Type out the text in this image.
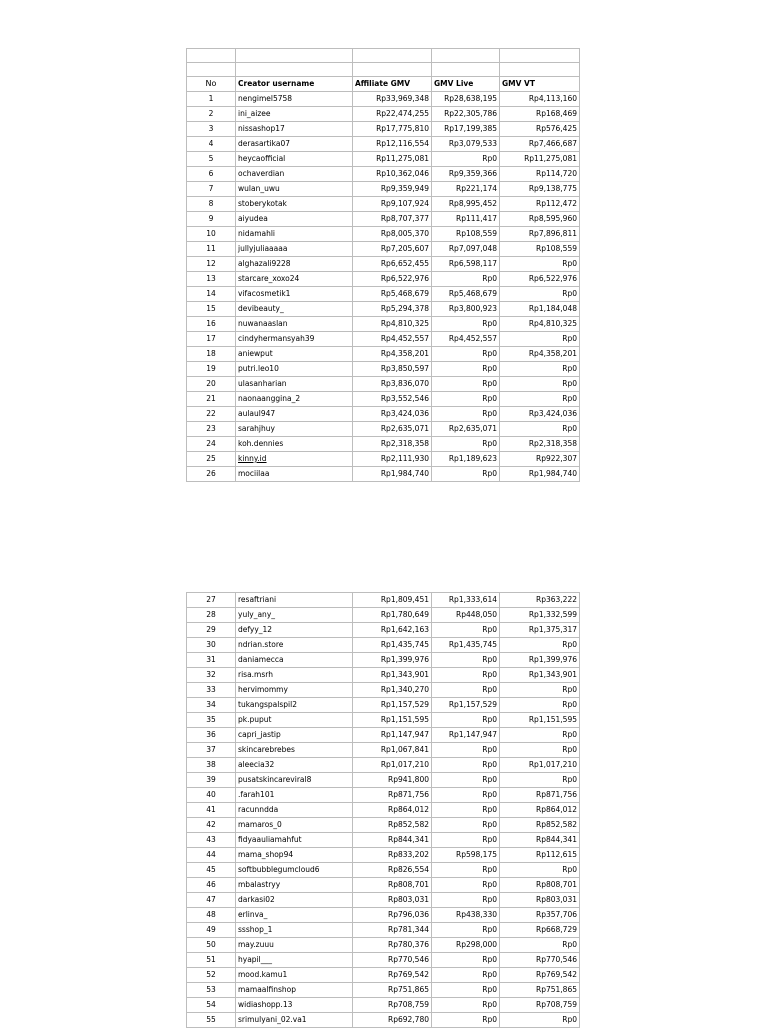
No	Creator username	Affiliate GMV	GMV Live	GMV VT
1	nengimel5758	Rp33,969,348	Rp28,638,195	Rp4,113,160
2	ini_aizee	Rp22,474,255	Rp22,305,786	Rp168,469
3	nissashop17	Rp17,775,810	Rp17,199,385	Rp576,425
4	derasartika07	Rp12,116,554	Rp3,079,533	Rp7,466,687
5	heycaofficial	Rp11,275,081	Rp0	Rp11,275,081
6	ochaverdian	Rp10,362,046	Rp9,359,366	Rp114,720
7	wulan_uwu	Rp9,359,949	Rp221,174	Rp9,138,775
8	stoberykotak	Rp9,107,924	Rp8,995,452	Rp112,472
9	aiyudea	Rp8,707,377	Rp111,417	Rp8,595,960
10	nidamahli	Rp8,005,370	Rp108,559	Rp7,896,811
11	jullyjuliaaaaa	Rp7,205,607	Rp7,097,048	Rp108,559
12	alghazali9228	Rp6,652,455	Rp6,598,117	Rp0
13	starcare_xoxo24	Rp6,522,976	Rp0	Rp6,522,976
14	vifacosmetik1	Rp5,468,679	Rp5,468,679	Rp0
15	devibeauty_	Rp5,294,378	Rp3,800,923	Rp1,184,048
16	nuwanaaslan	Rp4,810,325	Rp0	Rp4,810,325
17	cindyhermansyah39	Rp4,452,557	Rp4,452,557	Rp0
18	aniewput	Rp4,358,201	Rp0	Rp4,358,201
19	putri.leo10	Rp3,850,597	Rp0	Rp0
20	ulasanharian	Rp3,836,070	Rp0	Rp0
21	naonaanggina_2	Rp3,552,546	Rp0	Rp0
22	aulaul947	Rp3,424,036	Rp0	Rp3,424,036
23	sarahjhuy	Rp2,635,071	Rp2,635,071	Rp0
24	koh.dennies	Rp2,318,358	Rp0	Rp2,318,358
25	kinny.id	Rp2,111,930	Rp1,189,623	Rp922,307
26	mociilaa	Rp1,984,740	Rp0	Rp1,984,740
27	resaftriani	Rp1,809,451	Rp1,333,614	Rp363,222
28	yuly_any_	Rp1,780,649	Rp448,050	Rp1,332,599
29	defyy_12	Rp1,642,163	Rp0	Rp1,375,317
30	ndrian.store	Rp1,435,745	Rp1,435,745	Rp0
31	daniamecca	Rp1,399,976	Rp0	Rp1,399,976
32	risa.msrh	Rp1,343,901	Rp0	Rp1,343,901
33	hervimommy	Rp1,340,270	Rp0	Rp0
34	tukangspalspil2	Rp1,157,529	Rp1,157,529	Rp0
35	pk.puput	Rp1,151,595	Rp0	Rp1,151,595
36	capri_jastip	Rp1,147,947	Rp1,147,947	Rp0
37	skincarebrebes	Rp1,067,841	Rp0	Rp0
38	aleecia32	Rp1,017,210	Rp0	Rp1,017,210
39	pusatskincareviral8	Rp941,800	Rp0	Rp0
40	.farah101	Rp871,756	Rp0	Rp871,756
41	racunndda	Rp864,012	Rp0	Rp864,012
42	mamaros_0	Rp852,582	Rp0	Rp852,582
43	fidyaauliamahfut	Rp844,341	Rp0	Rp844,341
44	mama_shop94	Rp833,202	Rp598,175	Rp112,615
45	softbubblegumcloud6	Rp826,554	Rp0	Rp0
46	mbalastryy	Rp808,701	Rp0	Rp808,701
47	darkasi02	Rp803,031	Rp0	Rp803,031
48	erlinva_	Rp796,036	Rp438,330	Rp357,706
49	ssshop_1	Rp781,344	Rp0	Rp668,729
50	may.zuuu	Rp780,376	Rp298,000	Rp0
51	hyapil___	Rp770,546	Rp0	Rp770,546
52	mood.kamu1	Rp769,542	Rp0	Rp769,542
53	mamaalfinshop	Rp751,865	Rp0	Rp751,865
54	widiashopp.13	Rp708,759	Rp0	Rp708,759
55	srimulyani_02.va1	Rp692,780	Rp0	Rp0
